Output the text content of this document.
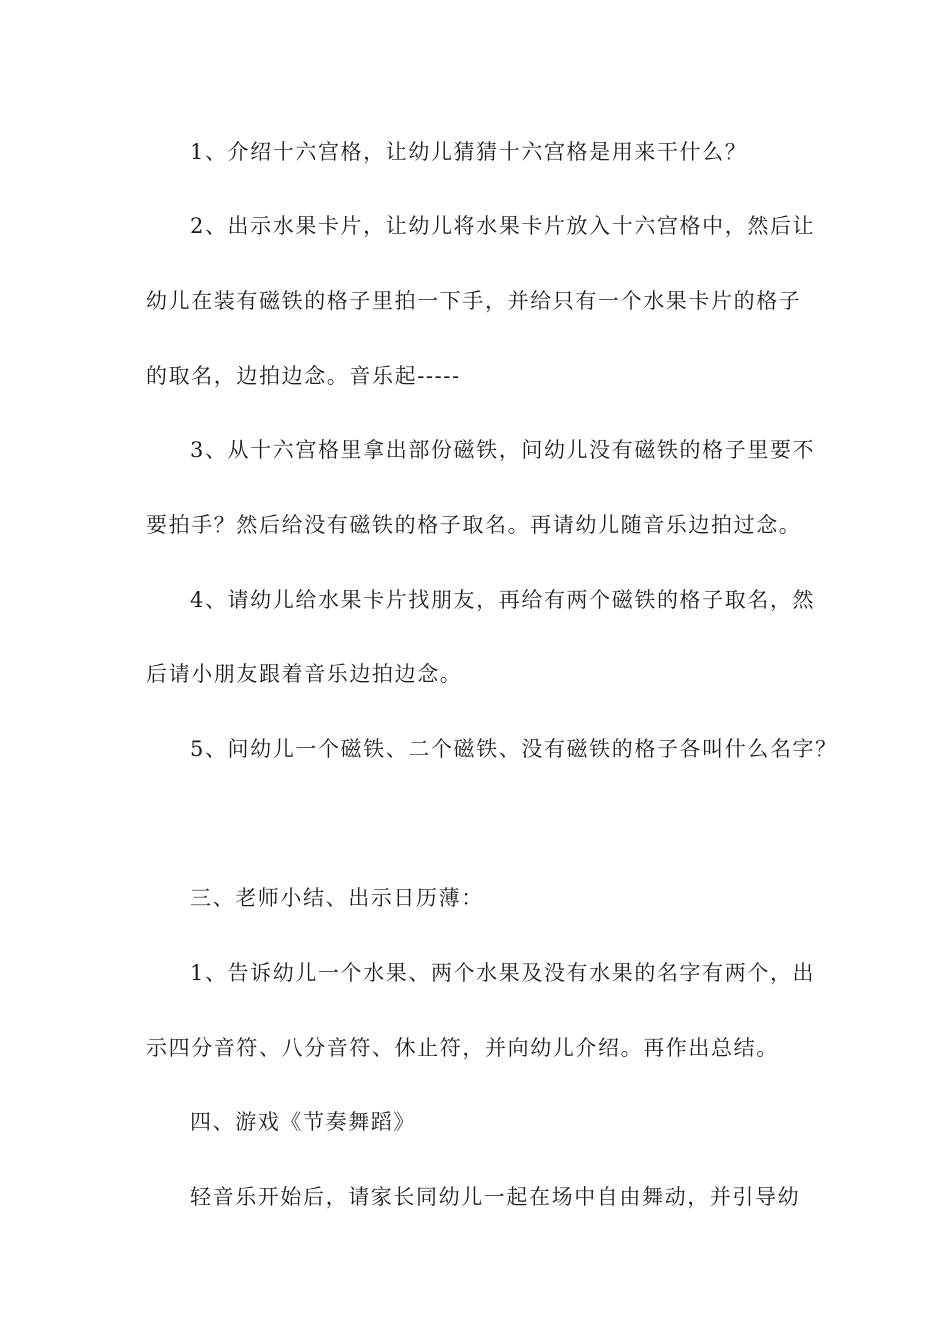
1、介绍十六宫格，让幼儿猜猜十六宫格是用来干什么？
2、出示水果卡片，让幼儿将水果卡片放入十六宫格中，然后让
幼儿在装有磁铁的格子里拍一下手，并给只有一个水果卡片的格子
的取名，边拍边念。音乐起-----
3、从十六宫格里拿出部份磁铁，问幼儿没有磁铁的格子里要不
要拍手？然后给没有磁铁的格子取名。再请幼儿随音乐边拍过念。
4、请幼儿给水果卡片找朋友，再给有两个磁铁的格子取名，然
后请小朋友跟着音乐边拍边念。
5、问幼儿一个磁铁、二个磁铁、没有磁铁的格子各叫什么名字？
三、老师小结、出示日历薄：
1、告诉幼儿一个水果、两个水果及没有水果的名字有两个，出
示四分音符、八分音符、休止符，并向幼儿介绍。再作出总结。
四、游戏《节奏舞蹈》
轻音乐开始后，请家长同幼儿一起在场中自由舞动，并引导幼
